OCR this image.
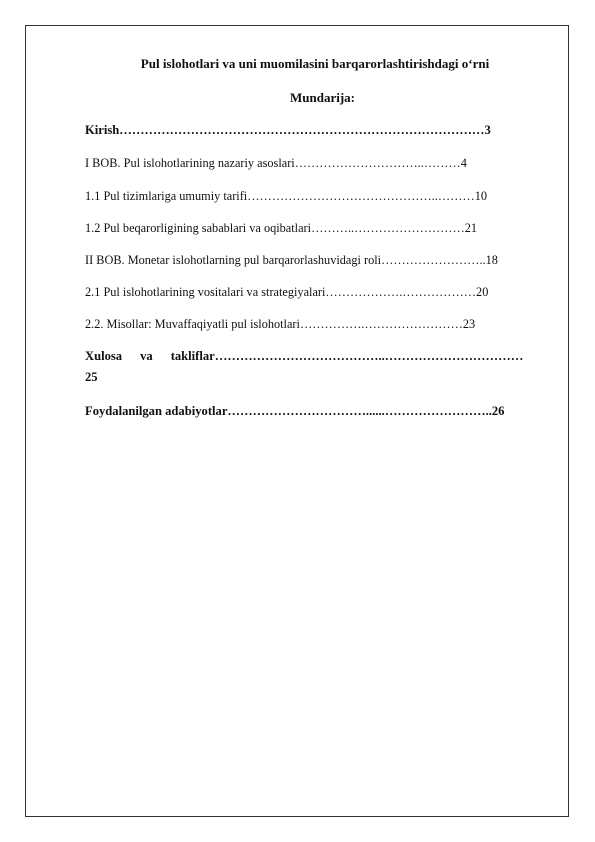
Pul islohotlari va uni muomilasini barqarorlashtirishdagi o‘rni
Mundarija:
Kirish……………………………………………………………………………3
I BOB. Pul islohotlarining nazariy asoslari…………………………..………4
1.1 Pul tizimlariga umumiy tarifi………………………………………..………10
1.2 Pul beqarorligining sabablari va oqibatlari………..………………………21
II BOB. Monetar islohotlarning pul barqarorlashuvidagi roli……………………..18
2.1 Pul islohotlarining vositalari va strategiyalari……………….………………20
2.2. Misollar: Muvaffaqiyatli pul islohotlari…………….……………………23
Xulosa va takliflar…………………………………..……………………………
25
Foydalanilgan adabiyotlar……………………………......……………………..26
